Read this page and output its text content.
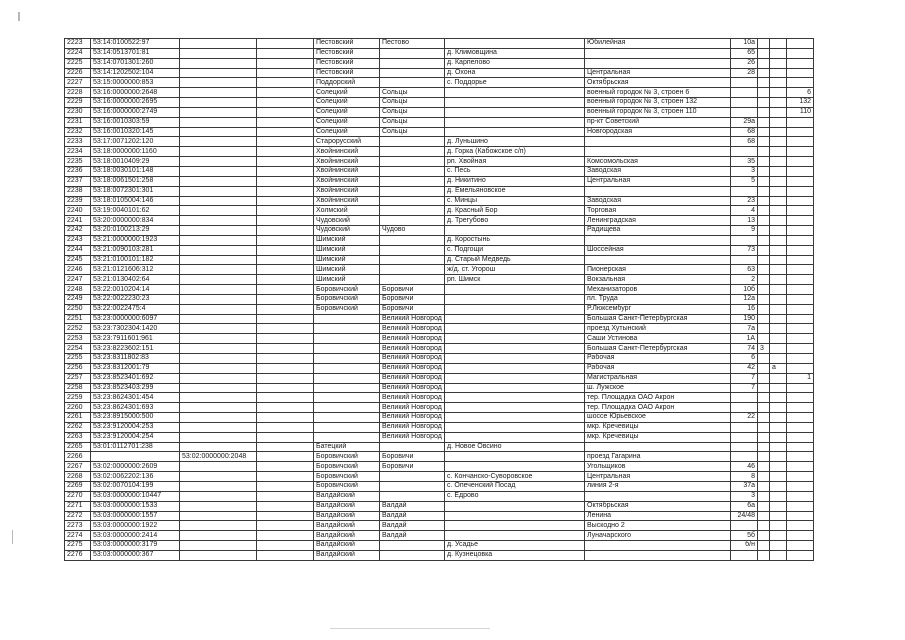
2223	53:14:0100522:97			Пестовский	Пестово		Юбилейная	10а			
2224	53:14:0513701:81			Пестовский		д. Климовщина		65			
2225	53:14:0701301:260			Пестовский		д. Карпелово		26			
2226	53:14:1202502:104			Пестовский		д. Охона	Центральная	28			
2227	53:15:0000000:853			Поддорский		с. Поддорье	Октябрьская				
2228	53:16:0000000:2648			Солецкий	Сольцы		военный городок № 3, строен 6				6
2229	53:16:0000000:2695			Солецкий	Сольцы		военный городок № 3, строен 132				132
2230	53:16:0000000:2749			Солецкий	Сольцы		военный городок № 3, строен 110				110
2231	53:16:0010303:59			Солецкий	Сольцы		пр-кт Советский	29а			
2232	53:16:0010320:145			Солецкий	Сольцы		Новгородская	68			
2233	53:17:0071202:120			Старорусский		д. Луньшино		68			
2234	53:18:0000000:1160			Хвойнинский		д. Горка (Кабожское с/п)					
2235	53:18:0010409:29			Хвойнинский		рп. Хвойная	Комсомольская	35			
2236	53:18:0030101:148			Хвойнинский		с. Песь	Заводская	3			
2237	53:18:0061501:258			Хвойнинский		д. Никитино	Центральная	5			
2238	53:18:0072301:301			Хвойнинский		д. Емельяновское					
2239	53:18:0105004:146			Хвойнинский		с. Минцы	Заводская	23			
2240	53:19:0040101:62			Холмский		д. Красный Бор	Торговая	4			
2241	53:20:0000000:834			Чудовский		д. Трегубово	Ленинградская	13			
2242	53:20:0100213:29			Чудовский	Чудово		Радищева	9			
2243	53:21:0000000:1923			Шимский		д. Коростынь					
2244	53:21:0090103:281			Шимский		с. Подгощи	Шоссейная	73			
2245	53:21:0100101:182			Шимский		д. Старый Медведь					
2246	53:21:0121606:312			Шимский		ж/д. ст. Угорош	Пионерская	63			
2247	53:21:0130402:64			Шимский		рп. Шимск	Вокзальная	2			
2248	53:22:0010204:14			Боровичский	Боровичи		Механизаторов	10б			
2249	53:22:0022230:23			Боровичский	Боровичи		пл. Труда	12а			
2250	53:22:0022475:4			Боровичский	Боровичи		Р.Люксембург	16			
2251	53:23:0000000:6097				Великий Новгород		Большая Санкт-Петербургская	190			
2252	53:23:7302304:1420				Великий Новгород		проезд Хутынский	7а			
2253	53:23:7911601:961				Великий Новгород		Саши Устинова	1А			
2254	53:23:8223602:151				Великий Новгород		Большая Санкт-Петербургская	74	3		
2255	53:23:8311802:83				Великий Новгород		Рабочая	6			
2256	53:23:8312001:79				Великий Новгород		Рабочая	42		а	
2257	53:23:8523401:692				Великий Новгород		Магистральная	7			1
2258	53:23:8523403:299				Великий Новгород		ш. Лужское	7			
2259	53:23:8624301:454				Великий Новгород		тер. Площадка ОАО Акрон				
2260	53:23:8624301:693				Великий Новгород		тер. Площадка ОАО Акрон				
2261	53:23:8915000:500				Великий Новгород		шоссе Юрьевское	22			
2262	53:23:9120004:253				Великий Новгород		мкр. Кречевицы				
2263	53:23:9120004:254				Великий Новгород		мкр. Кречевицы				
2265	53:01:0112701:238			Батецкий		д. Новое Овсино					
2266		53:02:0000000:2048		Боровичский	Боровичи		проезд Гагарина				
2267	53:02:0000000:2609			Боровичский	Боровичи		Угольщиков	46			
2268	53:02:0062202:136			Боровичский		с. Кончанско-Суворовское	Центральная	8			
2269	53:02:0070104:199			Боровичский		с. Опеченский Посад	линия 2-я	37а			
2270	53:03:0000000:10447			Валдайский		с. Едрово		3			
2271	53:03:0000000:1533			Валдайский	Валдай		Октябрьская	6а			
2272	53:03:0000000:1557			Валдайский	Валдай		Ленина	24/48			
2273	53:03:0000000:1922			Валдайский	Валдай		Выскодно 2				
2274	53:03:0000000:2414			Валдайский	Валдай		Луначарского	5б			
2275	53:03:0000000:3179			Валдайский		д. Усадье		б/н			
2276	53:03:0000000:367			Валдайский		д. Кузнецовка					
